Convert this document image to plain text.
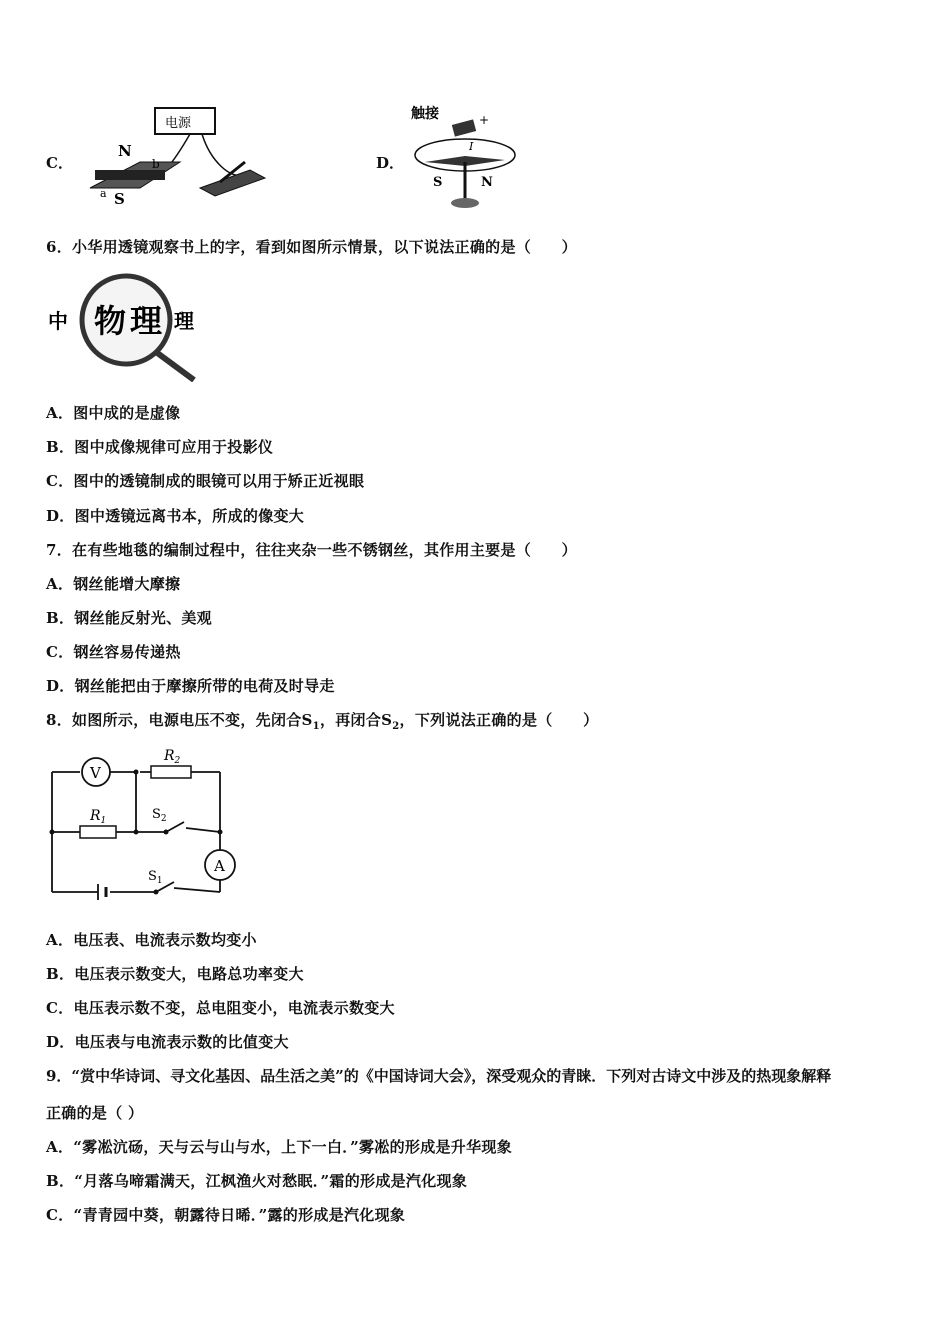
C．
电源
N
S
a
b	D．
触接	+
I
S	N
6．小华用透镜观察书上的字，看到如图所示情景，以下说法正确的是（　　）
中 物 理 理
A．图中成的是虚像
B．图中成像规律可应用于投影仪
C．图中的透镜制成的眼镜可以用于矫正近视眼
D．图中透镜远离书本，所成的像变大
7．在有些地毯的编制过程中，往往夹杂一些不锈钢丝，其作用主要是（　　）
A．钢丝能增大摩擦
B．钢丝能反射光、美观
C．钢丝容易传递热
D．钢丝能把由于摩擦所带的电荷及时导走
8．如图所示，电源电压不变，先闭合$S_1$，再闭合$S_2$，下列说法正确的是（　　）
V
$R_2$
$R_1$	$S_2$
A
$S_1$
A．电压表、电流表示数均变小
B．电压表示数变大，电路总功率变大
C．电压表示数不变，总电阻变小，电流表示数变大
D．电压表与电流表示数的比值变大
9．“赏中华诗词、寻文化基因、品生活之美”的《中国诗词大会》，深受观众的青睐．下列对古诗文中涉及的热现象解释
正确的是（ ）
A．“雾凇沆砀，天与云与山与水，上下一白．”雾凇的形成是升华现象
B．“月落乌啼霜满天，江枫渔火对愁眠．”霜的形成是汽化现象
C．“青青园中葵，朝露待日晞．”露的形成是汽化现象
